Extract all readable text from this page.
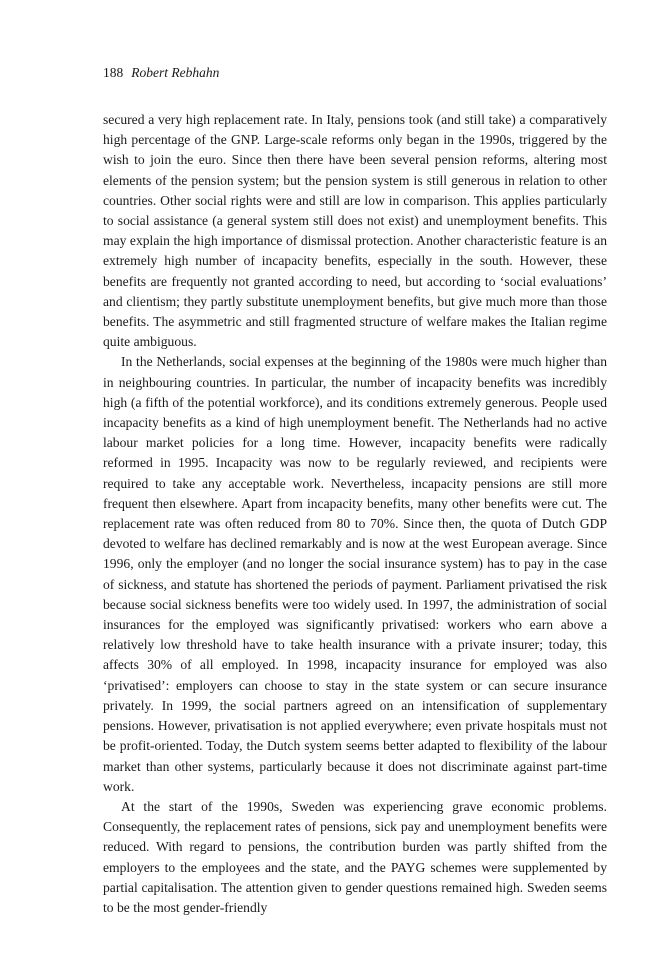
188 Robert Rebhahn

secured a very high replacement rate. In Italy, pensions took (and still take) a comparatively high percentage of the GNP. Large-scale reforms only began in the 1990s, triggered by the wish to join the euro. Since then there have been several pension reforms, altering most elements of the pension system; but the pension system is still generous in relation to other countries. Other social rights were and still are low in comparison. This applies particularly to social assistance (a general system still does not exist) and unemployment benefits. This may explain the high importance of dismissal protection. Another characteristic feature is an extremely high number of incapacity benefits, especially in the south. However, these benefits are frequently not granted according to need, but according to ‘social evaluations’ and clientism; they partly substitute unemployment benefits, but give much more than those benefits. The asymmetric and still fragmented structure of welfare makes the Italian regime quite ambiguous.

In the Netherlands, social expenses at the beginning of the 1980s were much higher than in neighbouring countries. In particular, the number of incapacity benefits was incredibly high (a fifth of the potential workforce), and its conditions extremely generous. People used incapacity benefits as a kind of high unemployment benefit. The Netherlands had no active labour market policies for a long time. However, incapacity benefits were radically reformed in 1995. Incapacity was now to be regularly reviewed, and recipients were required to take any acceptable work. Nevertheless, incapacity pensions are still more frequent then elsewhere. Apart from incapacity benefits, many other benefits were cut. The replacement rate was often reduced from 80 to 70%. Since then, the quota of Dutch GDP devoted to welfare has declined remarkably and is now at the west European average. Since 1996, only the employer (and no longer the social insurance system) has to pay in the case of sickness, and statute has shortened the periods of payment. Parliament privatised the risk because social sickness benefits were too widely used. In 1997, the administration of social insurances for the employed was significantly privatised: workers who earn above a relatively low threshold have to take health insurance with a private insurer; today, this affects 30% of all employed. In 1998, incapacity insurance for employed was also ‘privatised’: employers can choose to stay in the state system or can secure insurance privately. In 1999, the social partners agreed on an intensification of supplementary pensions. However, privatisation is not applied everywhere; even private hospitals must not be profit-oriented. Today, the Dutch system seems better adapted to flexibility of the labour market than other systems, particularly because it does not discriminate against part-time work.

At the start of the 1990s, Sweden was experiencing grave economic problems. Consequently, the replacement rates of pensions, sick pay and unemployment benefits were reduced. With regard to pensions, the contribution burden was partly shifted from the employers to the employees and the state, and the PAYG schemes were supplemented by partial capitalisation. The attention given to gender questions remained high. Sweden seems to be the most gender-friendly
